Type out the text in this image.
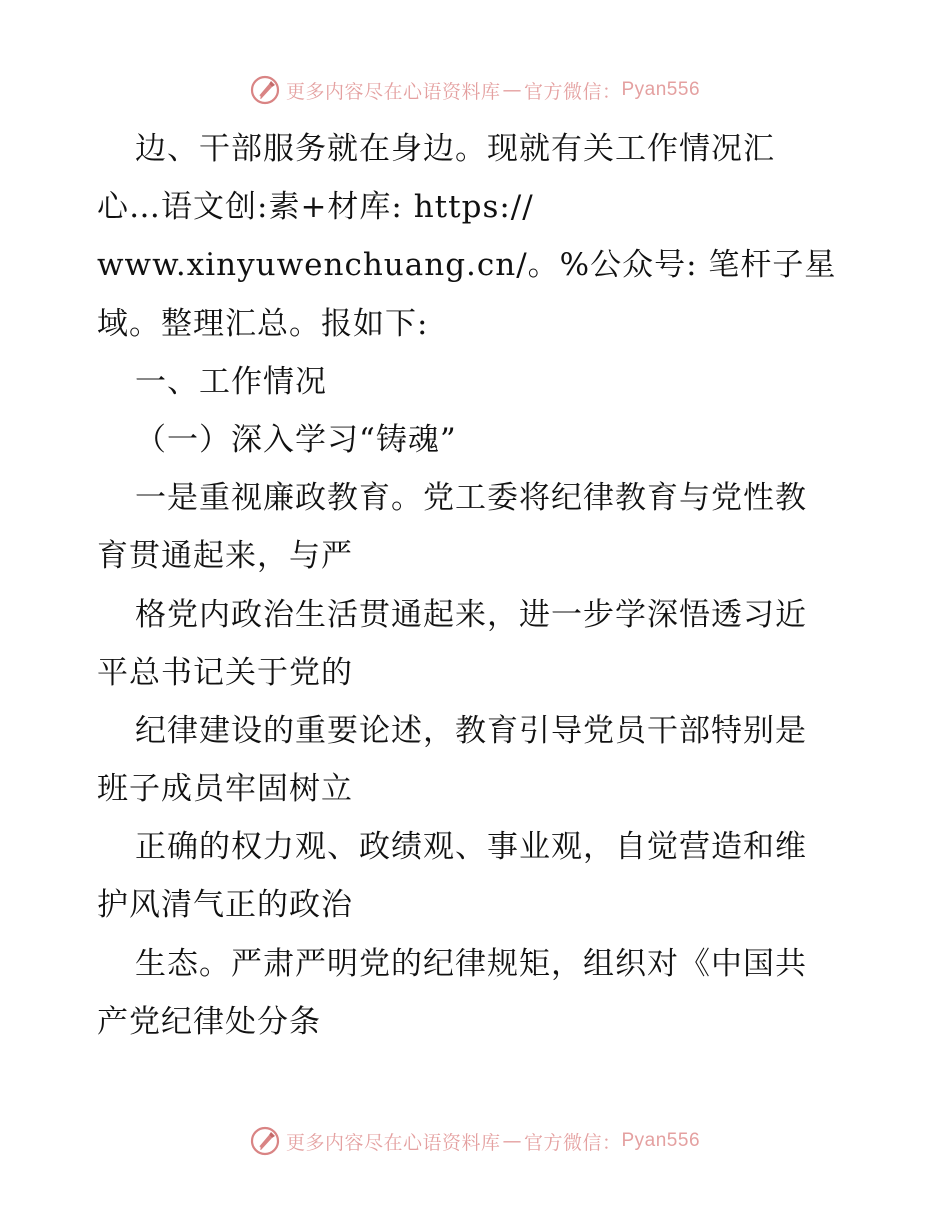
更多内容尽在心语资料库 — 官方微信： Pyan556
边、干部服务就在身边。现就有关工作情况汇
心…语文创:素+材库: https://
www.xinyuwenchuang.cn/。%公众号: 笔杆子星
域。整理汇总。报如下:
一、工作情况
（一）深入学习“铸魂”
一是重视廉政教育。党工委将纪律教育与党性教
育贯通起来，与严
格党内政治生活贯通起来，进一步学深悟透习近
平总书记关于党的
纪律建设的重要论述，教育引导党员干部特别是
班子成员牢固树立
正确的权力观、政绩观、事业观，自觉营造和维
护风清气正的政治
生态。严肃严明党的纪律规矩，组织对《中国共
产党纪律处分条
更多内容尽在心语资料库 — 官方微信： Pyan556
